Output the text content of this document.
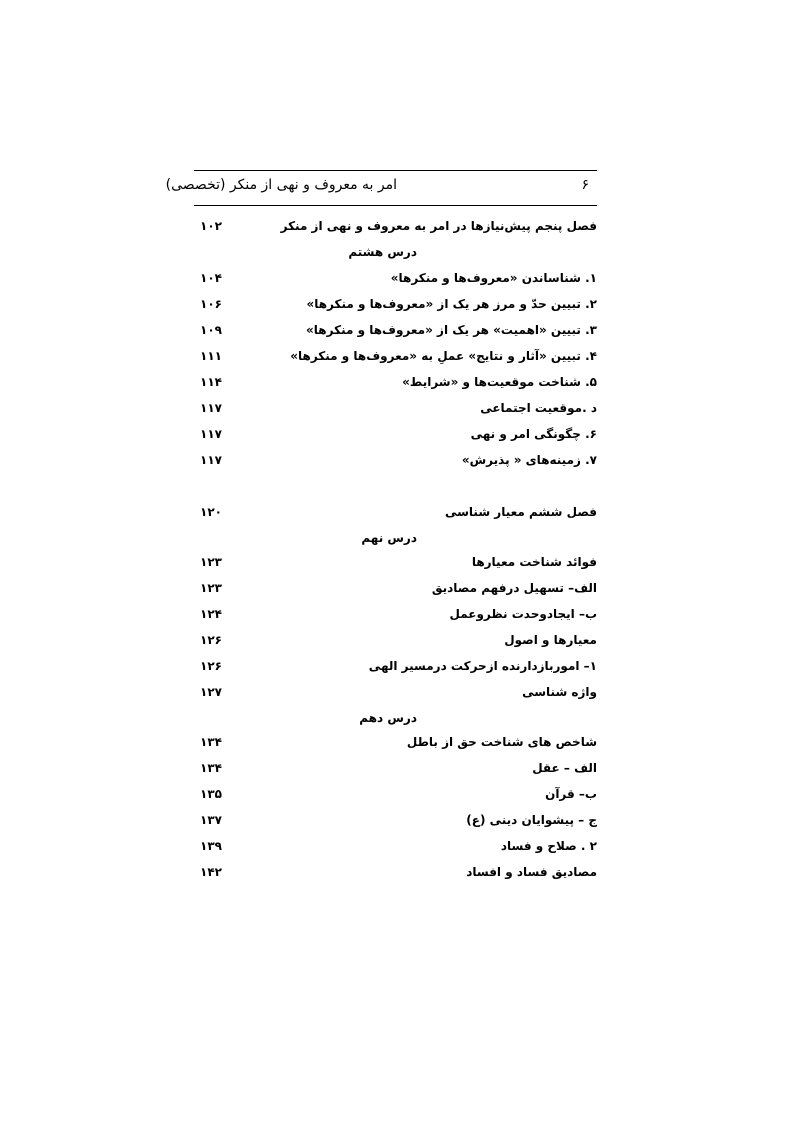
امر به معروف و نهی از منکر (تخصصی)	۶
فصل پنجم پیش‌نیازها در امر به معروف و نهی از منکر
۱۰۲
درس هشتم
۱. شناساندن «معروف‌ها و منکرها»
۱۰۴
۲. تبیین حدّ و مرز هر یک از «معروف‌ها و منکرها»
۱۰۶
۳. تبیین «اهمیت» هر یک از «معروف‌ها و منکرها»
۱۰۹
۴. تبیین «آثار و نتایج» عملِ به «معروف‌ها و منکرها»
۱۱۱
۵. شناخت موقعیت‌ها و «شرایط»
۱۱۴
د .موقعیت اجتماعی
۱۱۷
۶. چگونگی امر و نهی
۱۱۷
۷. زمینه‌های « پذیرش»
۱۱۷
فصل ششم معیار شناسی
۱۲۰
درس نهم
فوائد شناخت معیارها
۱۲۳
الف– تسهیل درفهم مصادیق
۱۲۳
ب– ایجادوحدت نظروعمل
۱۲۴
معیارها و اصول
۱۲۶
۱– اموربازدارنده ازحرکت درمسیر الهی
۱۲۶
واژه شناسی
۱۲۷
درس دهم
شاخص های شناخت حق از باطل
۱۳۴
الف – عقل
۱۳۴
ب– قرآن
۱۳۵
ج – پیشوایان دینی (ع)
۱۳۷
۲ . صلاح و فساد
۱۳۹
مصادیق فساد و افساد
۱۴۲
